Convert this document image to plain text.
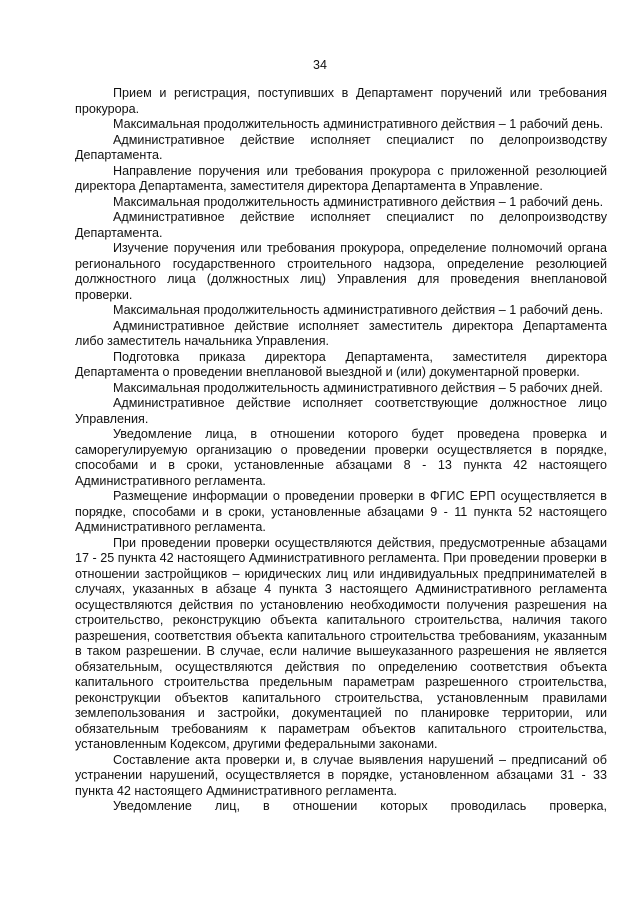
34

Прием и регистрация, поступивших в Департамент поручений или требования прокурора.

Максимальная продолжительность административного действия – 1 рабочий день.

Административное действие исполняет специалист по делопроизводству Департамента.

Направление поручения или требования прокурора с приложенной резолюцией директора Департамента, заместителя директора Департамента в Управление.

Максимальная продолжительность административного действия – 1 рабочий день.

Административное действие исполняет специалист по делопроизводству Департамента.

Изучение поручения или требования прокурора, определение полномочий органа регионального государственного строительного надзора, определение резолюцией должностного лица (должностных лиц) Управления для проведения внеплановой проверки.

Максимальная продолжительность административного действия – 1 рабочий день.

Административное действие исполняет заместитель директора Департамента либо заместитель начальника Управления.

Подготовка приказа директора Департамента, заместителя директора Департамента о проведении внеплановой выездной и (или) документарной проверки.

Максимальная продолжительность административного действия – 5 рабочих дней.

Административное действие исполняет соответствующие должностное лицо Управления.

Уведомление лица, в отношении которого будет проведена проверка и саморегулируемую организацию о проведении проверки осуществляется в порядке, способами и в сроки, установленные абзацами 8 - 13 пункта 42 настоящего Административного регламента.

Размещение информации о проведении проверки в ФГИС ЕРП осуществляется в порядке, способами и в сроки, установленные абзацами 9 - 11 пункта 52 настоящего Административного регламента.

При проведении проверки осуществляются действия, предусмотренные абзацами 17 - 25 пункта 42 настоящего Административного регламента. При проведении проверки в отношении застройщиков – юридических лиц или индивидуальных предпринимателей в случаях, указанных в абзаце 4 пункта 3 настоящего Административного регламента осуществляются действия по установлению необходимости получения разрешения на строительство, реконструкцию объекта капитального строительства, наличия такого разрешения, соответствия объекта капитального строительства требованиям, указанным в таком разрешении. В случае, если наличие вышеуказанного разрешения не является обязательным, осуществляются действия по определению соответствия объекта капитального строительства предельным параметрам разрешенного строительства, реконструкции объектов капитального строительства, установленным правилами землепользования и застройки, документацией по планировке территории, или обязательным требованиям к параметрам объектов капитального строительства, установленным Кодексом, другими федеральными законами.

Составление акта проверки и, в случае выявления нарушений – предписаний об устранении нарушений, осуществляется в порядке, установленном абзацами 31 - 33 пункта 42 настоящего Административного регламента.

Уведомление лиц, в отношении которых проводилась проверка,
